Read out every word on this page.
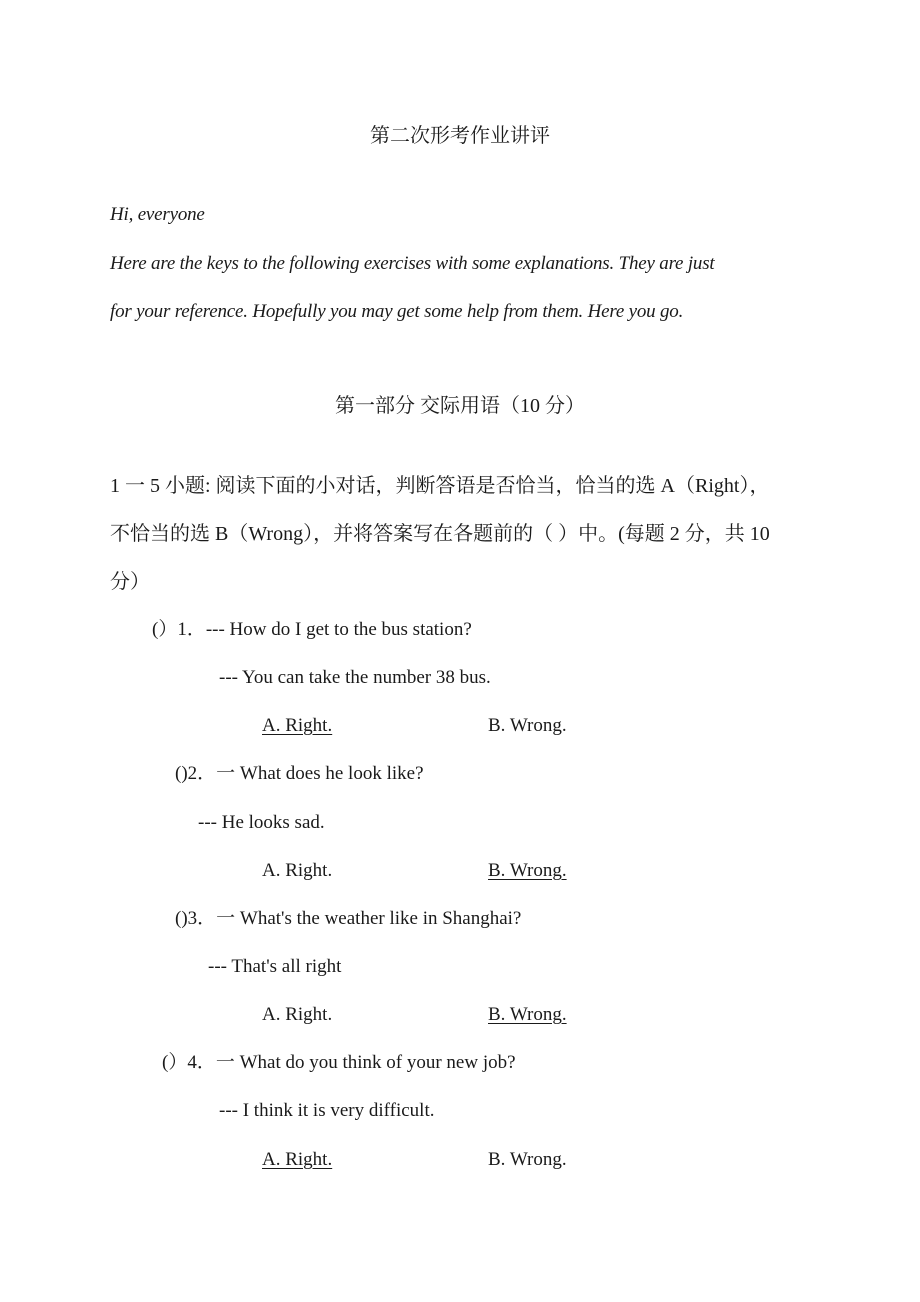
第二次形考作业讲评
Hi, everyone
Here are the keys to the following exercises with some explanations. They are just
for your reference. Hopefully you may get some help from them. Here you go.
第一部分 交际用语（10 分）
1 一 5 小题: 阅读下面的小对话，判断答语是否恰当，恰当的选 A（Right），
不恰当的选 B（Wrong），并将答案写在各题前的（ ）中。(每题 2 分，共 10
分）
(）1．--- How do I get to the bus station?
--- You can take the number 38 bus.
A. Right.	B. Wrong.
()2．一 What does he look like?
--- He looks sad.
A. Right.	B. Wrong.
()3．一 What's the weather like in Shanghai?
--- That's all right
A. Right.	B. Wrong.
(）4．一 What do you think of your new job?
--- I think it is very difficult.
A. Right.	B. Wrong.
